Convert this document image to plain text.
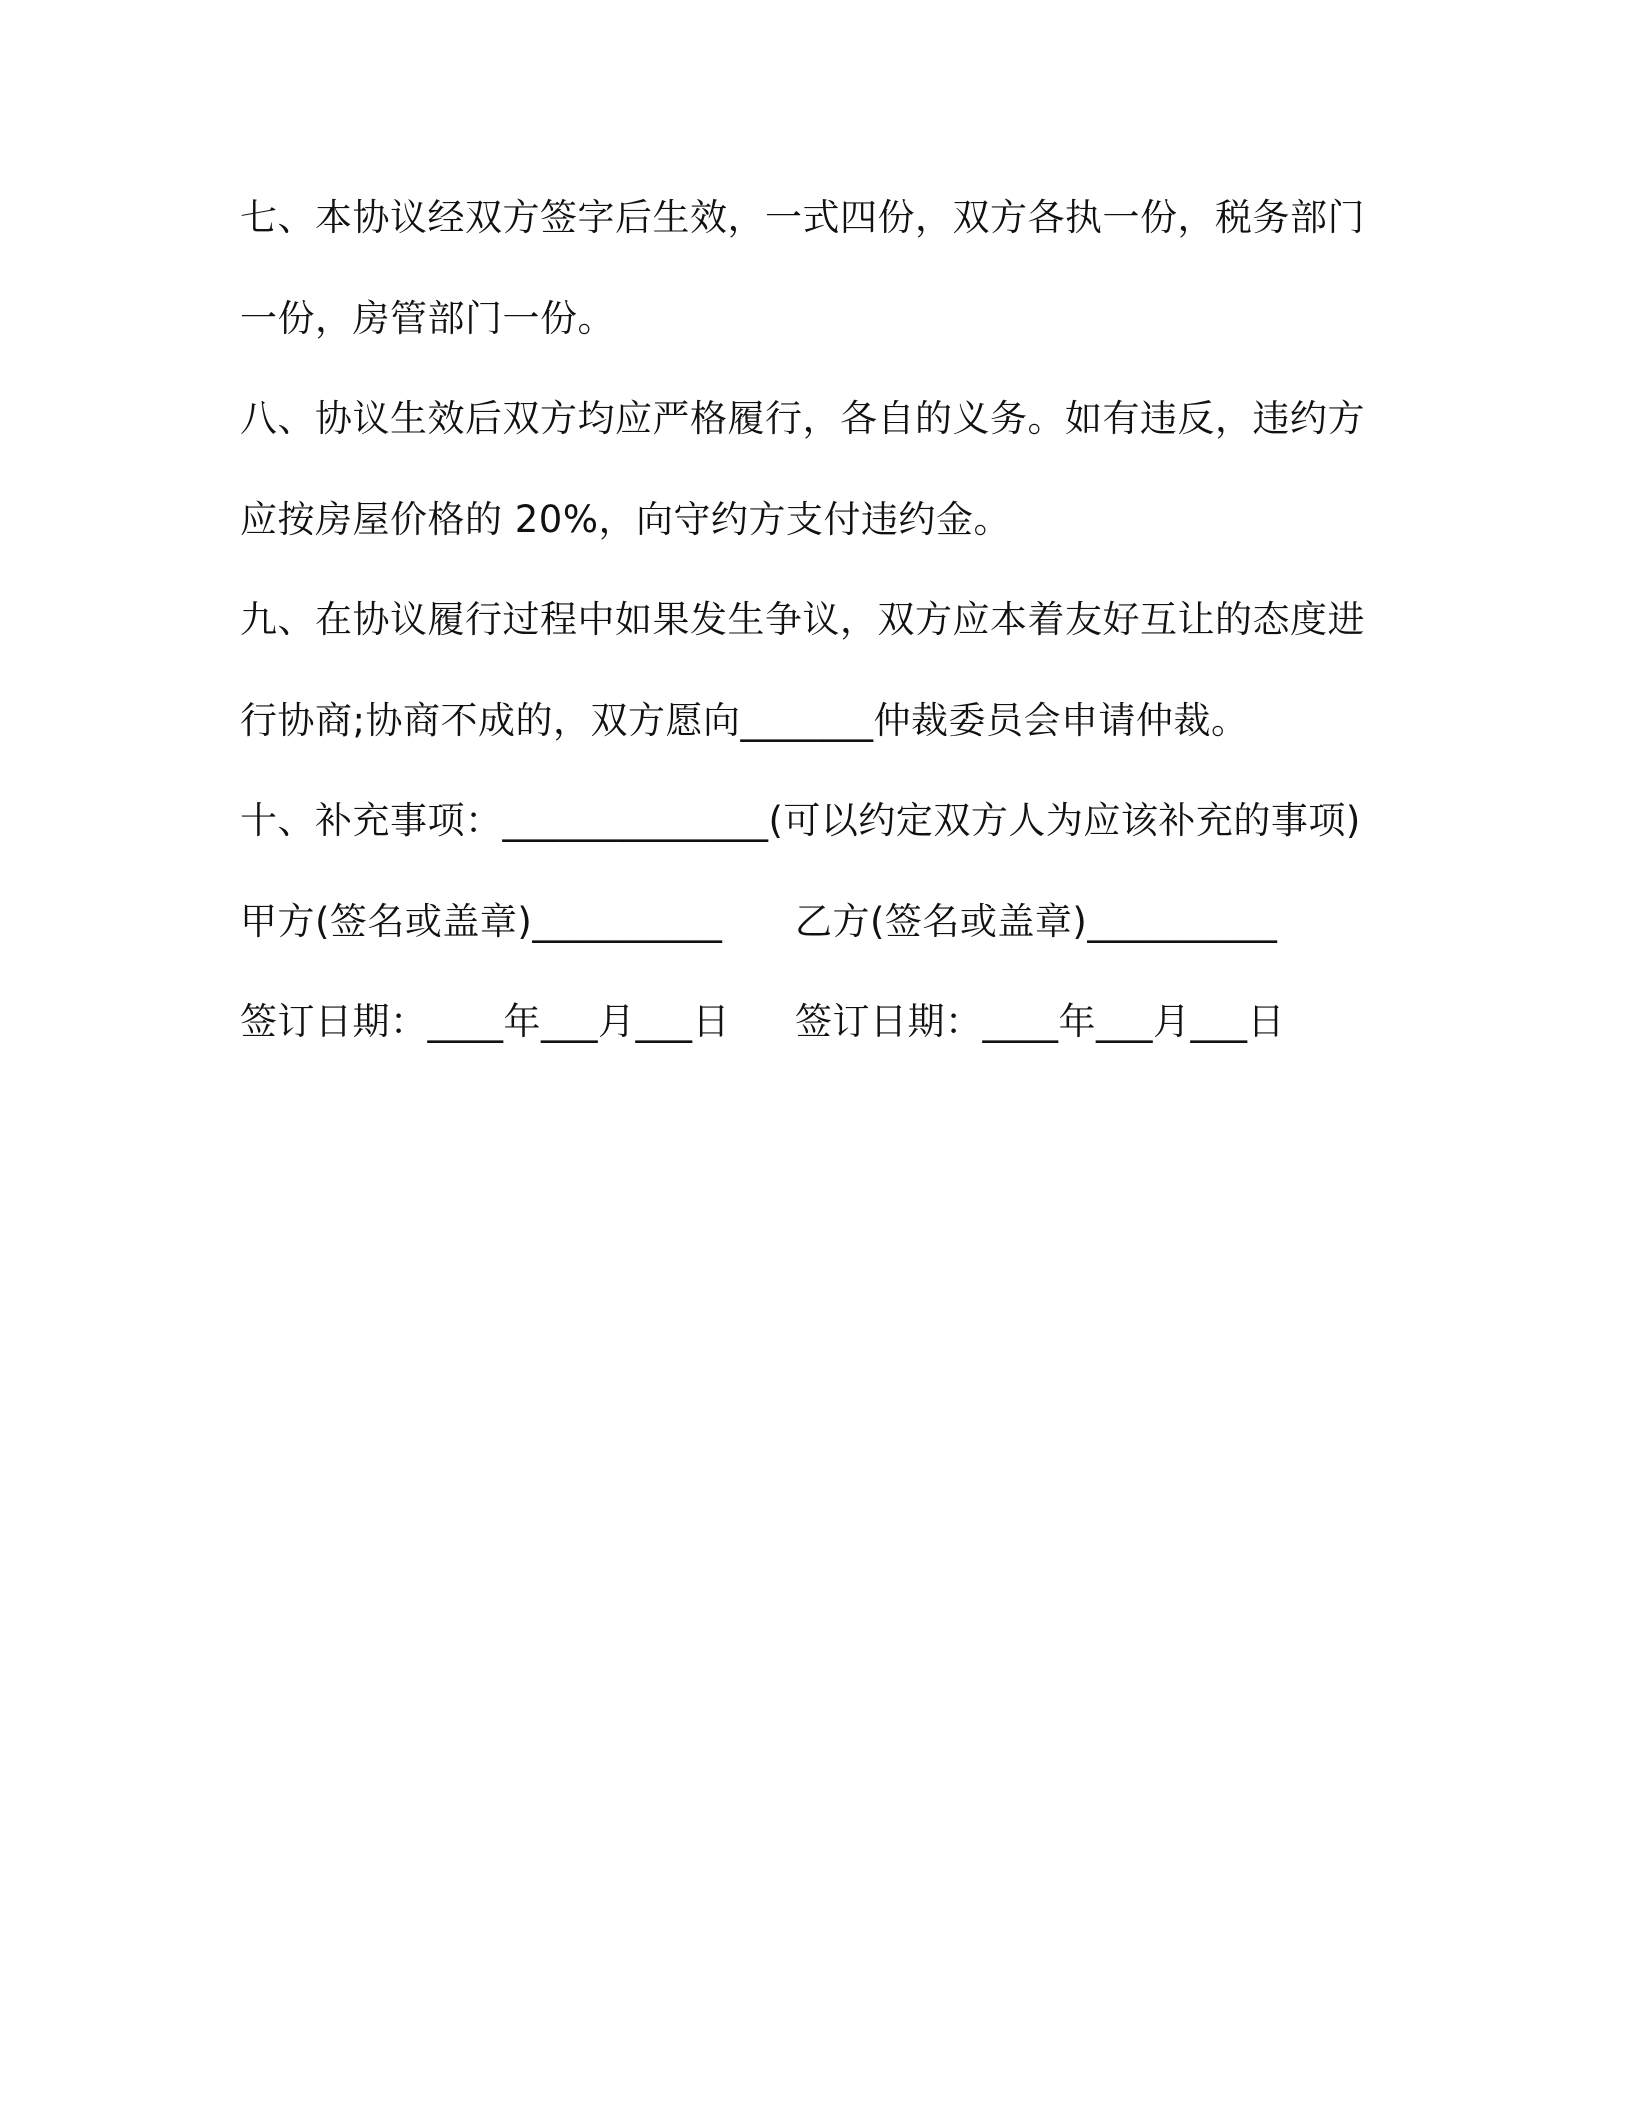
七、本协议经双方签字后生效，一式四份，双方各执一份，税务部门
一份，房管部门一份。
八、协议生效后双方均应严格履行，各自的义务。如有违反，违约方
应按房屋价格的 20%，向守约方支付违约金。
九、在协议履行过程中如果发生争议，双方应本着友好互让的态度进
行协商;协商不成的，双方愿向_______仲裁委员会申请仲裁。
十、补充事项：______________(可以约定双方人为应该补充的事项)
甲方(签名或盖章)__________ 乙方(签名或盖章)__________
签订日期：____年___月___日 签订日期：____年___月___日
